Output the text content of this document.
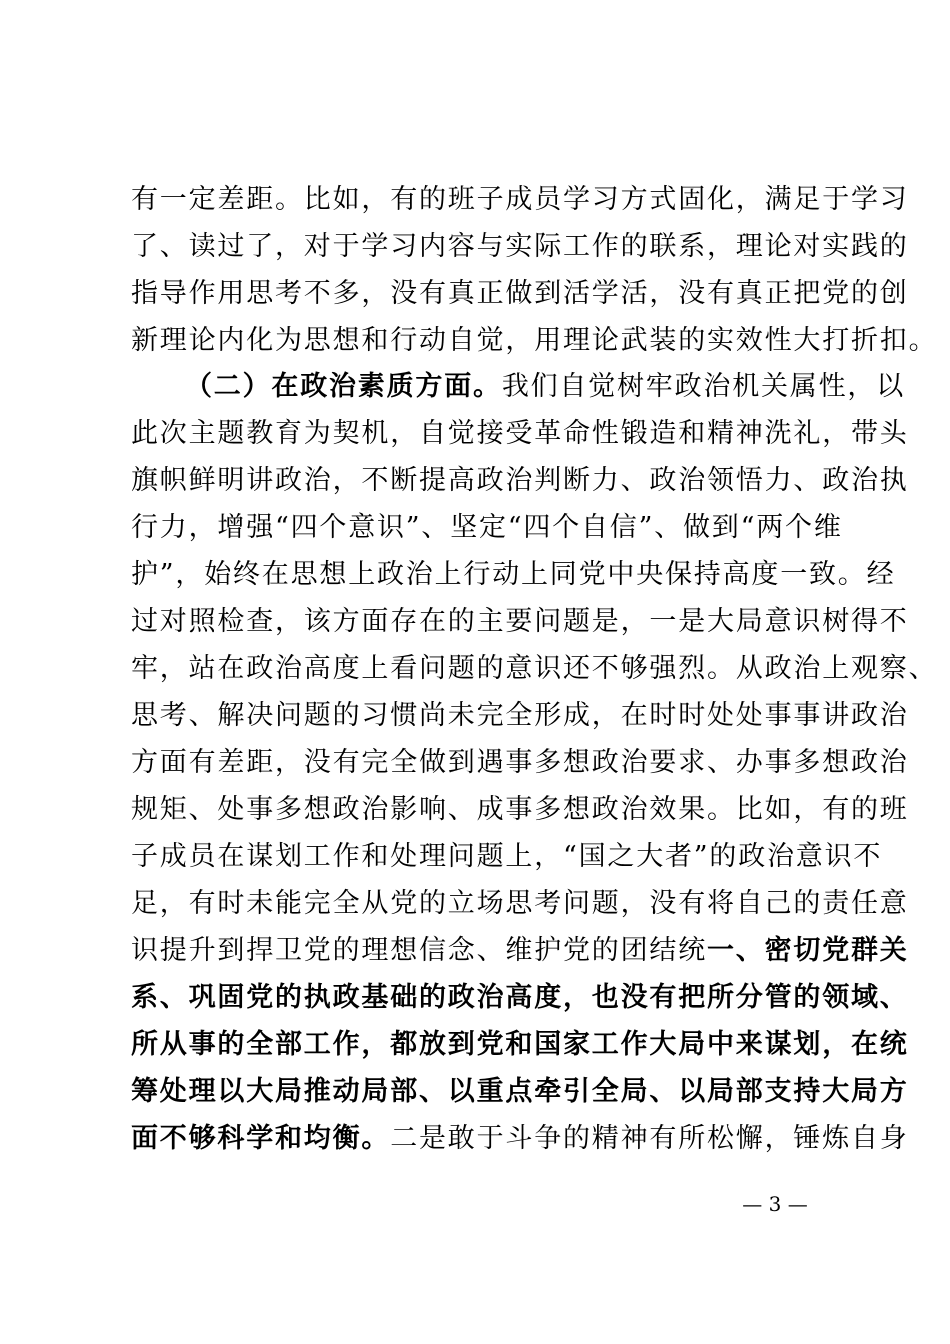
有一定差距。比如，有的班子成员学习方式固化，满足于学习
了、读过了，对于学习内容与实际工作的联系，理论对实践的
指导作用思考不多，没有真正做到活学活，没有真正把党的创
新理论内化为思想和行动自觉，用理论武装的实效性大打折扣。
（二）在政治素质方面。我们自觉树牢政治机关属性，以
此次主题教育为契机，自觉接受革命性锻造和精神洗礼，带头
旗帜鲜明讲政治，不断提高政治判断力、政治领悟力、政治执
行力，增强“四个意识”、坚定“四个自信”、做到“两个维
护”，始终在思想上政治上行动上同党中央保持高度一致。经
过对照检查，该方面存在的主要问题是，一是大局意识树得不
牢，站在政治高度上看问题的意识还不够强烈。从政治上观察、
思考、解决问题的习惯尚未完全形成，在时时处处事事讲政治
方面有差距，没有完全做到遇事多想政治要求、办事多想政治
规矩、处事多想政治影响、成事多想政治效果。比如，有的班
子成员在谋划工作和处理问题上，“国之大者”的政治意识不
足，有时未能完全从党的立场思考问题，没有将自己的责任意
识提升到捍卫党的理想信念、维护党的团结统一、密切党群关
系、巩固党的执政基础的政治高度，也没有把所分管的领域、
所从事的全部工作，都放到党和国家工作大局中来谋划，在统
筹处理以大局推动局部、以重点牵引全局、以局部支持大局方
面不够科学和均衡。二是敢于斗争的精神有所松懈，锤炼自身
— 3 —
